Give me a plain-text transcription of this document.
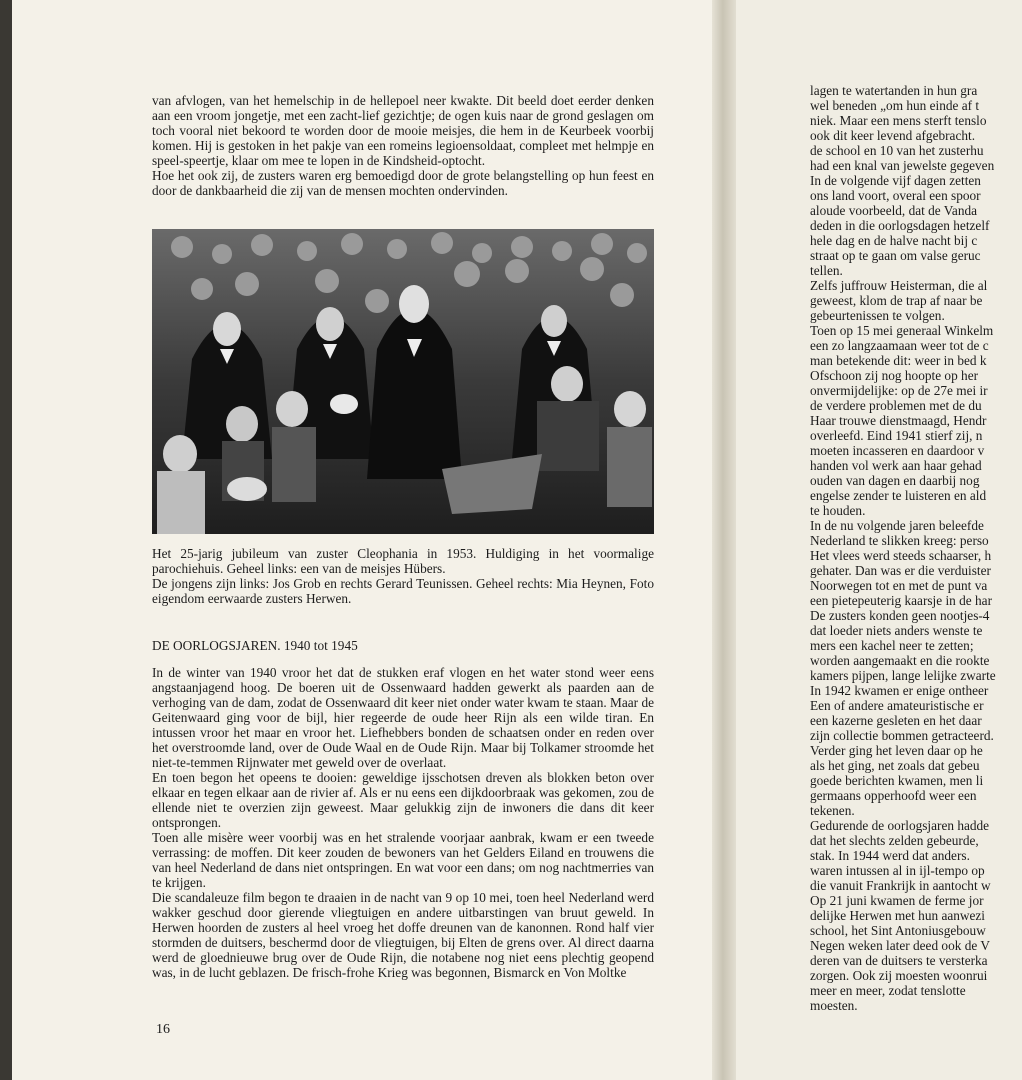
van afvlogen, van het hemelschip in de hellepoel neer kwakte. Dit beeld doet eerder denken aan een vroom jongetje, met een zacht-lief gezichtje; de ogen kuis naar de grond geslagen om toch vooral niet bekoord te worden door de mooie meisjes, die hem in de Keurbeek voorbij komen. Hij is gestoken in het pakje van een romeins legioensoldaat, compleet met helmpje en speel-speertje, klaar om mee te lopen in de Kindsheid-optocht.

Hoe het ook zij, de zusters waren erg bemoedigd door de grote belangstelling op hun feest en door de dankbaarheid die zij van de mensen mochten ondervinden.

Het 25-jarig jubileum van zuster Cleophania in 1953. Huldiging in het voormalige parochiehuis. Geheel links: een van de meisjes Hübers.
De jongens zijn links: Jos Grob en rechts Gerard Teunissen. Geheel rechts: Mia Heynen, Foto eigendom eerwaarde zusters Herwen.
DE OORLOGSJAREN. 1940 tot 1945

In de winter van 1940 vroor het dat de stukken eraf vlogen en het water stond weer eens angstaanjagend hoog. De boeren uit de Ossenwaard hadden gewerkt als paarden aan de verhoging van de dam, zodat de Ossenwaard dit keer niet onder water kwam te staan. Maar de Geitenwaard ging voor de bijl, hier regeerde de oude heer Rijn als een wilde tiran. En intussen vroor het maar en vroor het. Liefhebbers bonden de schaatsen onder en reden over het overstroomde land, over de Oude Waal en de Oude Rijn. Maar bij Tolkamer stroomde het niet-te-temmen Rijnwater met geweld over de overlaat.

En toen begon het opeens te dooien: geweldige ijsschotsen dreven als blokken beton over elkaar en tegen elkaar aan de rivier af. Als er nu eens een dijkdoorbraak was gekomen, zou de ellende niet te overzien zijn geweest. Maar gelukkig zijn de inwoners die dans dit keer ontsprongen.

Toen alle misère weer voorbij was en het stralende voorjaar aanbrak, kwam er een tweede verrassing: de moffen. Dit keer zouden de bewoners van het Gelders Eiland en trouwens die van heel Nederland de dans niet ontspringen. En wat voor een dans; om nog nachtmerries van te krijgen.

Die scandaleuze film begon te draaien in de nacht van 9 op 10 mei, toen heel Nederland werd wakker geschud door gierende vliegtuigen en andere uitbarstingen van bruut geweld. In Herwen hoorden de zusters al heel vroeg het doffe dreunen van de kanonnen. Rond half vier stormden de duitsers, beschermd door de vliegtuigen, bij Elten de grens over. Al direct daarna werd de gloednieuwe brug over de Oude Rijn, die notabene nog niet eens plechtig geopend was, in de lucht geblazen. De frisch-frohe Krieg was begonnen, Bismarck en Von Moltke

16
lagen te watertanden in hun gra
wel beneden „om hun einde af t
niek. Maar een mens sterft tenslo
ook dit keer levend afgebracht.
de school en 10 van het zusterhu
had een knal van jewelste gegeven
In de volgende vijf dagen zetten
ons land voort, overal een spoor
aloude voorbeeld, dat de Vanda
deden in die oorlogsdagen hetzelf
hele dag en de halve nacht bij c
straat op te gaan om valse geruc
tellen.
Zelfs juffrouw Heisterman, die al
geweest, klom de trap af naar be
gebeurtenissen te volgen.
Toen op 15 mei generaal Winkelm
een zo langzaamaan weer tot de c
man betekende dit: weer in bed k
Ofschoon zij nog hoopte op her
onvermijdelijke: op de 27e mei ir
de verdere problemen met de du
Haar trouwe dienstmaagd, Hendr
overleefd. Eind 1941 stierf zij, n
moeten incasseren en daardoor v
handen vol werk aan haar gehad
ouden van dagen en daarbij nog
engelse zender te luisteren en ald
te houden.
In de nu volgende jaren beleefde
Nederland te slikken kreeg: perso
Het vlees werd steeds schaarser, h
gehater. Dan was er die verduister
Noorwegen tot en met de punt va
een pietepeuterig kaarsje in de har
De zusters konden geen nootjes-4
dat loeder niets anders wenste te
mers een kachel neer te zetten;
worden aangemaakt en die rookte
kamers pijpen, lange lelijke zwarte
In 1942 kwamen er enige ontheer
Een of andere amateuristische er
een kazerne gesleten en het daar
zijn collectie bommen getracteerd.
Verder ging het leven daar op he
als het ging, net zoals dat gebeu
goede berichten kwamen, men li
germaans opperhoofd weer een
tekenen.
Gedurende de oorlogsjaren hadde
dat het slechts zelden gebeurde,
stak. In 1944 werd dat anders.
waren intussen al in ijl-tempo op
die vanuit Frankrijk in aantocht w
Op 21 juni kwamen de ferme jor
delijke Herwen met hun aanwezi
school, het Sint Antoniusgebouw
Negen weken later deed ook de V
deren van de duitsers te versterka
zorgen. Ook zij moesten woonrui
meer en meer, zodat tenslotte
moesten.
